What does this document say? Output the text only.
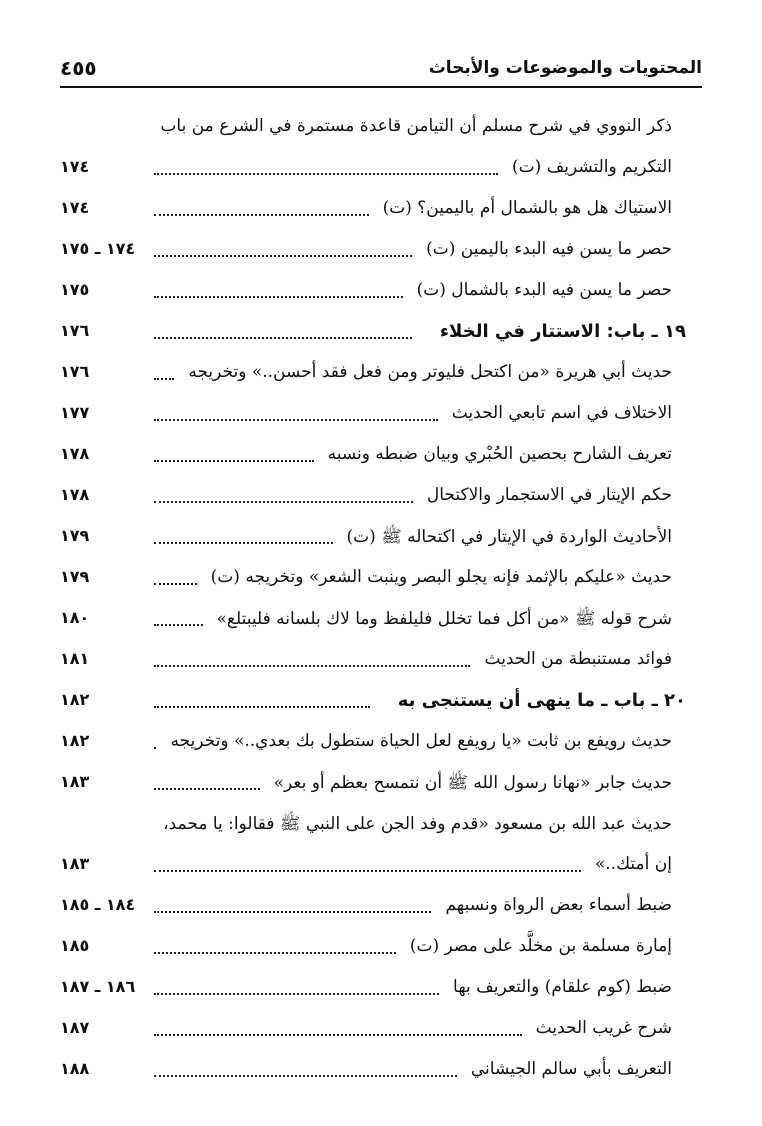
المحتويات والموضوعات والأبحاث
٤٥٥
ذكر النووي في شرح مسلم أن التيامن قاعدة مستمرة في الشرع من باب
التكريم والتشريف (ت)
١٧٤
الاستياك هل هو بالشمال أم باليمين؟ (ت)
١٧٤
حصر ما يسن فيه البدء باليمين (ت)
١٧٤ ـ ١٧٥
حصر ما يسن فيه البدء بالشمال (ت)
١٧٥
١٩ ـ باب: الاستتار في الخلاء
١٧٦
حديث أبي هريرة «من اكتحل فليوتر ومن فعل فقد أحسن..» وتخريجه
١٧٦
الاختلاف في اسم تابعي الحديث
١٧٧
تعريف الشارح بحصين الحُبْري وبيان ضبطه ونسبه
١٧٨
حكم الإيتار في الاستجمار والاكتحال
١٧٨
الأحاديث الواردة في الإيتار في اكتحاله ﷺ (ت)
١٧٩
حديث «عليكم بالإثمد فإنه يجلو البصر وينبت الشعر» وتخريجه (ت)
١٧٩
شرح قوله ﷺ «من أكل فما تخلل فليلفظ وما لاك بلسانه فليبتلع»
١٨٠
فوائد مستنبطة من الحديث
١٨١
٢٠ ـ باب ـ ما ينهى أن يستنجى به
١٨٢
حديث رويفع بن ثابت «يا رويفع لعل الحياة ستطول بك بعدي..» وتخريجه
١٨٢
حديث جابر «نهانا رسول الله ﷺ أن نتمسح بعظم أو بعر»
١٨٣
حديث عبد الله بن مسعود «قدم وفد الجن على النبي ﷺ فقالوا: يا محمد،
إن أمتك..»
١٨٣
ضبط أسماء بعض الرواة ونسبهم
١٨٤ ـ ١٨٥
إمارة مسلمة بن مخلَّد على مصر (ت)
١٨٥
ضبط (كوم علقام) والتعريف بها
١٨٦ ـ ١٨٧
شرح غريب الحديث
١٨٧
التعريف بأبي سالم الجيشاني
١٨٨
